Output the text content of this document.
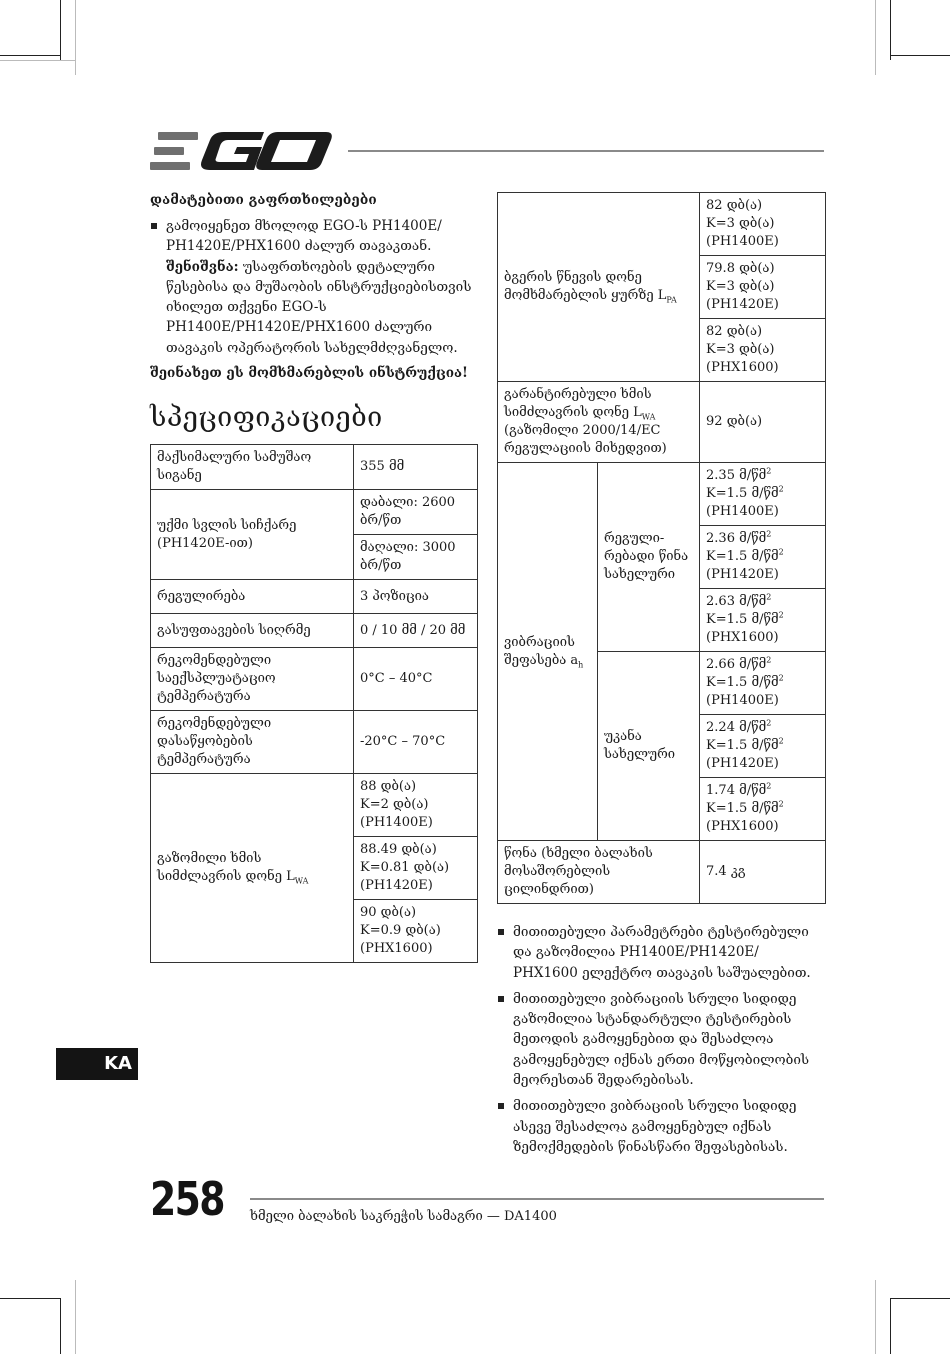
დამატებითი გაფრთხილებები
გამოიყენეთ მხოლოდ EGO-ს PH1400E/ PH1420E/PHX1600 ძალურ თავაკთან.
შენიშვნა: უსაფრთხოების დეტალური წესებისა და მუშაობის ინსტრუქციებისთვის იხილეთ თქვენი EGO-ს PH1400E/PH1420E/PHX1600 ძალური თავაკის ოპერატორის სახელმძღვანელო.
შეინახეთ ეს მომხმარებლის ინსტრუქცია!
სპეციფიკაციები
მაქსიმალური სამუშაო სიგანე	355 მმ
უქმი სვლის სიჩქარე (PH1420E-ით)	დაბალი: 2600 ბრ/წთ
	მაღალი: 3000 ბრ/წთ
რეგულირება	3 პოზიცია
გასუფთავების სიღრმე	0 / 10 მმ / 20 მმ
რეკომენდებული საექსპლუატაციო ტემპერატურა	0°C – 40°C
რეკომენდებული დასაწყობების ტემპერატურა	-20°C – 70°C
გაზომილი ხმის სიმძლავრის დონე $L_{WA}$	88 დბ(ა)
K=2 დბ(ა)
(PH1400E)
	88.49 დბ(ა)
K=0.81 დბ(ა)
(PH1420E)
	90 დბ(ა)
K=0.9 დბ(ა)
(PHX1600)
ბგერის წნევის დონე მომხმარებლის ყურზე $L_{PA}$		82 დბ(ა)
K=3 დბ(ა)
(PH1400E)
		79.8 დბ(ა)
K=3 დბ(ა)
(PH1420E)
		82 დბ(ა)
K=3 დბ(ა)
(PHX1600)
გარანტირებული ხმის სიმძლავრის დონე $L_{WA}$ (გაზომილი 2000/14/EC რეგულაციის მიხედვით)		92 დბ(ა)
ვიბრაციის შეფასება $a_h$	რეგული-რებადი წინა სახელური	2.35 მ/წმ$^2$
K=1.5 მ/წმ$^2$
(PH1400E)
		2.36 მ/წმ$^2$
K=1.5 მ/წმ$^2$
(PH1420E)
		2.63 მ/წმ$^2$
K=1.5 მ/წმ$^2$
(PHX1600)
	უკანა სახელური	2.66 მ/წმ$^2$
K=1.5 მ/წმ$^2$
(PH1400E)
		2.24 მ/წმ$^2$
K=1.5 მ/წმ$^2$
(PH1420E)
		1.74 მ/წმ$^2$
K=1.5 მ/წმ$^2$
(PHX1600)
წონა (ხმელი ბალახის მოსაშორებლის ცილინდრით)		7.4 კგ
მითითებული პარამეტრები ტესტირებული და გაზომილია PH1400E/PH1420E/ PHX1600 ელექტრო თავაკის საშუალებით.
მითითებული ვიბრაციის სრული სიდიდე გაზომილია სტანდარტული ტესტირების მეთოდის გამოყენებით და შესაძლოა გამოყენებულ იქნას ერთი მოწყობილობის მეორესთან შედარებისას.
მითითებული ვიბრაციის სრული სიდიდე ასევე შესაძლოა გამოყენებულ იქნას ზემოქმედების წინასწარი შეფასებისას.
KA
258 ხმელი ბალახის საკრეჭის სამაგრი — DA1400
